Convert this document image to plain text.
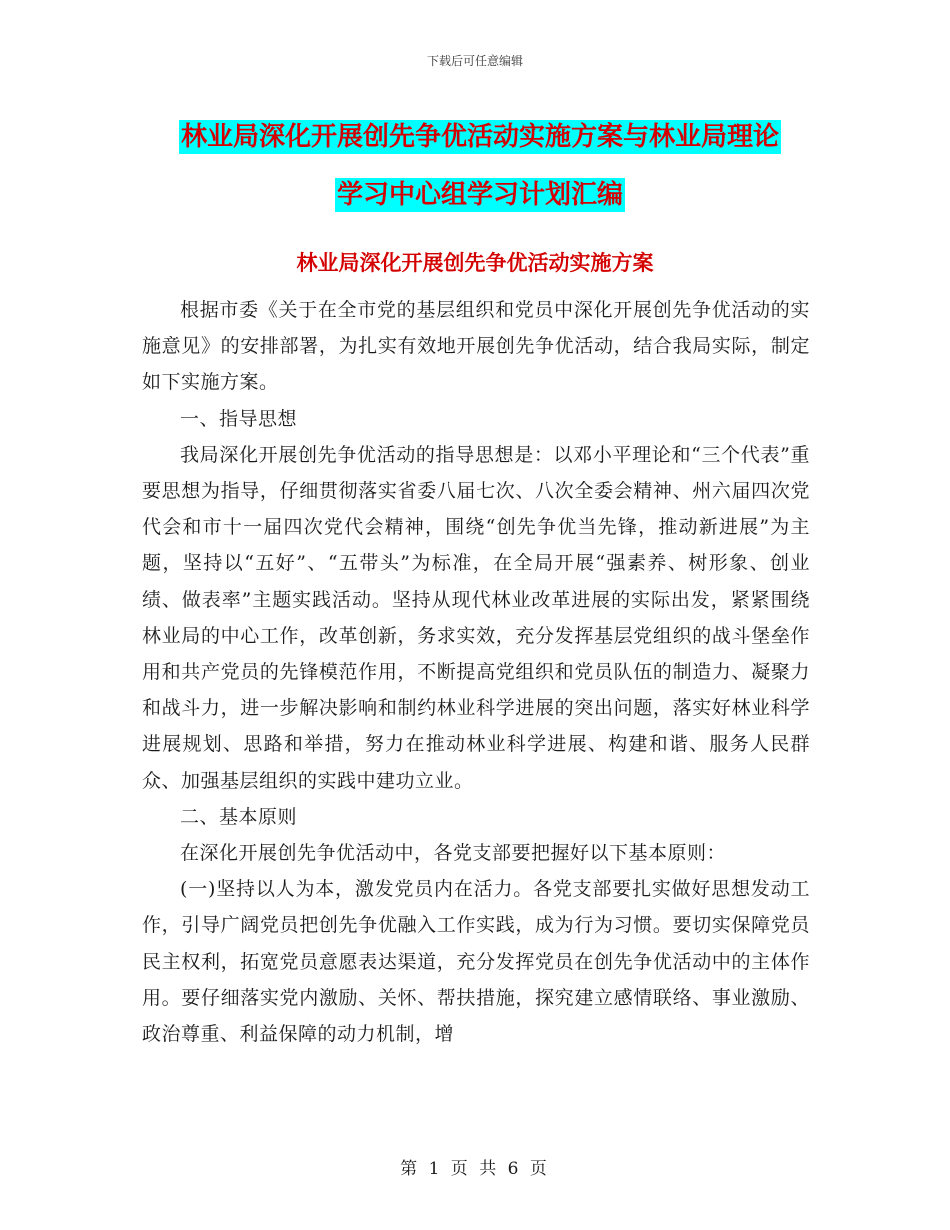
下载后可任意编辑
林业局深化开展创先争优活动实施方案与林业局理论
学习中心组学习计划汇编
林业局深化开展创先争优活动实施方案

根据市委《关于在全市党的基层组织和党员中深化开展创先争优活动的实施意见》的安排部署，为扎实有效地开展创先争优活动，结合我局实际，制定如下实施方案。

一、指导思想

我局深化开展创先争优活动的指导思想是：以邓小平理论和“三个代表”重要思想为指导，仔细贯彻落实省委八届七次、八次全委会精神、州六届四次党代会和市十一届四次党代会精神，围绕“创先争优当先锋，推动新进展”为主题，坚持以“五好”、“五带头”为标准，在全局开展“强素养、树形象、创业绩、做表率”主题实践活动。坚持从现代林业改革进展的实际出发，紧紧围绕林业局的中心工作，改革创新，务求实效，充分发挥基层党组织的战斗堡垒作用和共产党员的先锋模范作用，不断提高党组织和党员队伍的制造力、凝聚力和战斗力，进一步解决影响和制约林业科学进展的突出问题，落实好林业科学进展规划、思路和举措，努力在推动林业科学进展、构建和谐、服务人民群众、加强基层组织的实践中建功立业。

二、基本原则

在深化开展创先争优活动中，各党支部要把握好以下基本原则：

(一)坚持以人为本，激发党员内在活力。各党支部要扎实做好思想发动工作，引导广阔党员把创先争优融入工作实践，成为行为习惯。要切实保障党员民主权利，拓宽党员意愿表达渠道，充分发挥党员在创先争优活动中的主体作用。要仔细落实党内激励、关怀、帮扶措施，探究建立感情联络、事业激励、政治尊重、利益保障的动力机制，增

第 1 页 共 6 页
